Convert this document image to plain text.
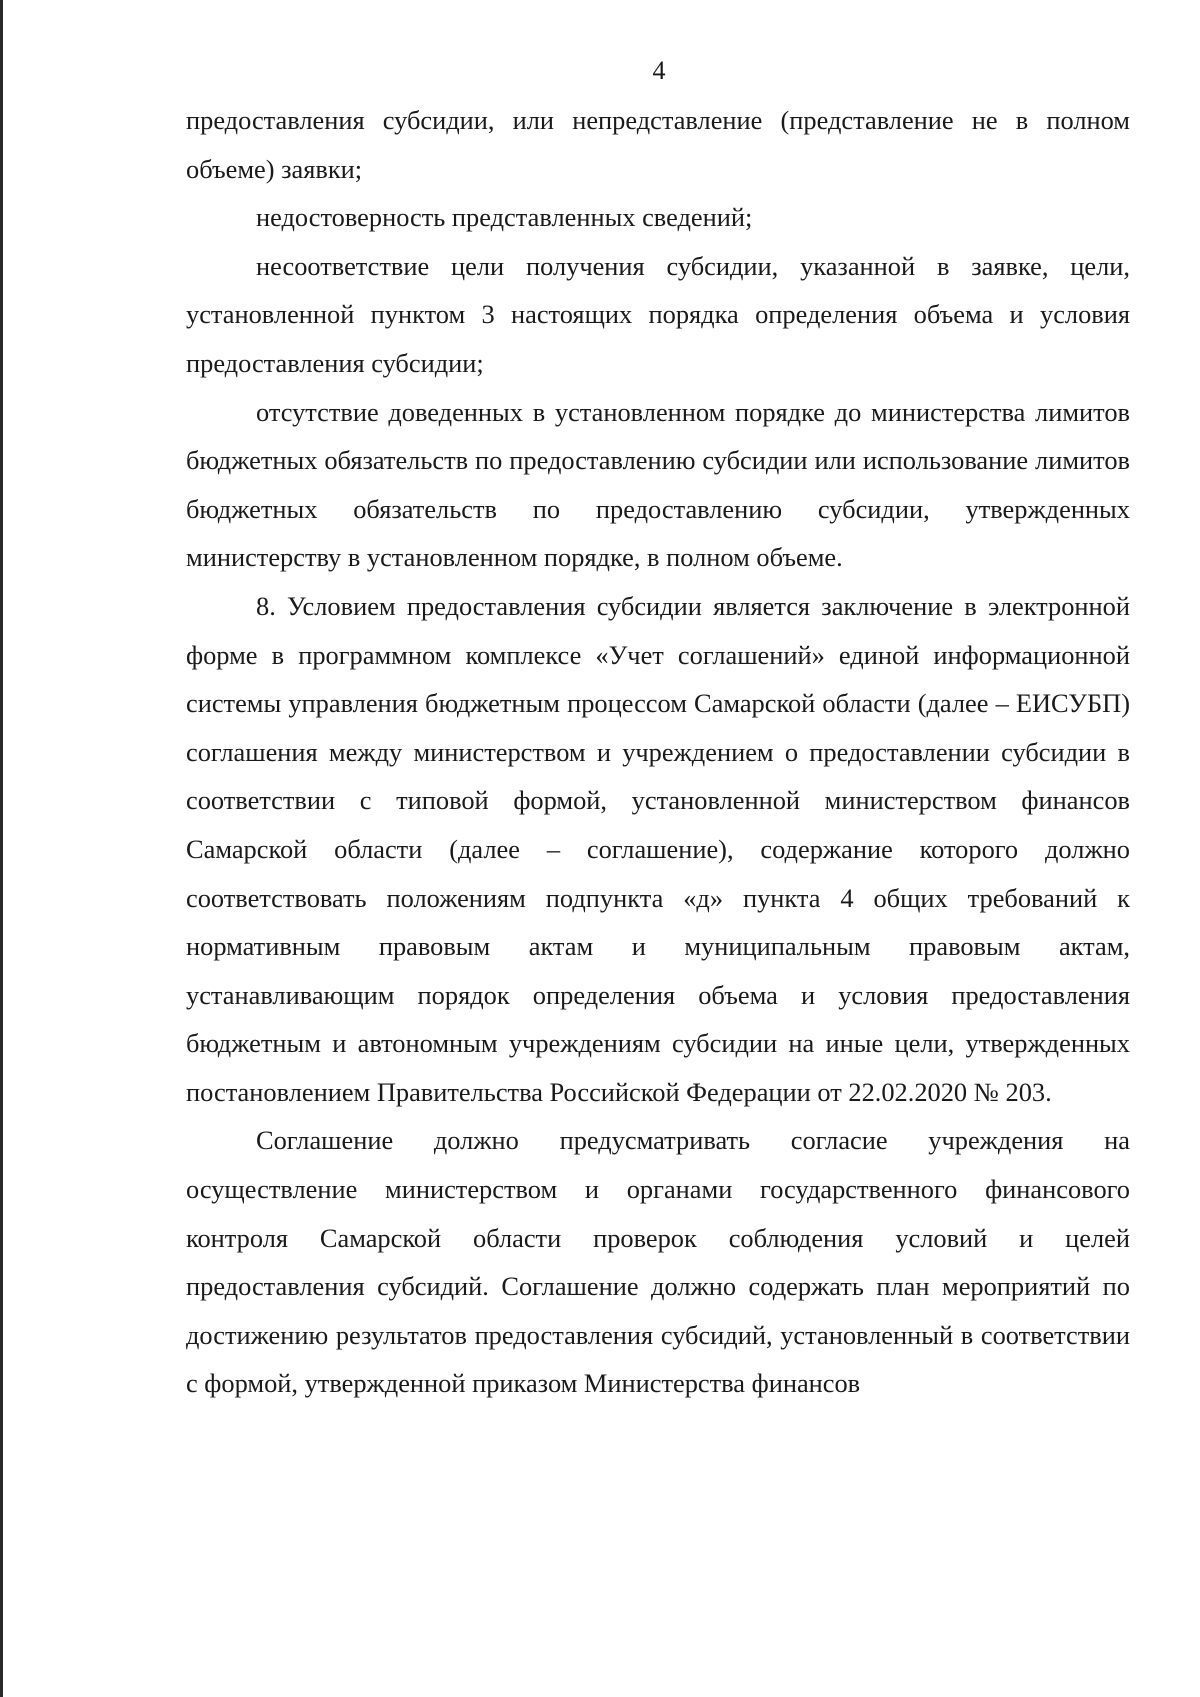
4

предоставления субсидии, или непредставление (представление не в полном объеме) заявки;

недостоверность представленных сведений;

несоответствие цели получения субсидии, указанной в заявке, цели, установленной пунктом 3 настоящих порядка определения объема и условия предоставления субсидии;

отсутствие доведенных в установленном порядке до министерства лимитов бюджетных обязательств по предоставлению субсидии или использование лимитов бюджетных обязательств по предоставлению субсидии, утвержденных министерству в установленном порядке, в полном объеме.

8. Условием предоставления субсидии является заключение в электронной форме в программном комплексе «Учет соглашений» единой информационной системы управления бюджетным процессом Самарской области (далее – ЕИСУБП) соглашения между министерством и учреждением о предоставлении субсидии в соответствии с типовой формой, установленной министерством финансов Самарской области (далее – соглашение), содержание которого должно соответствовать положениям подпункта «д» пункта 4 общих требований к нормативным правовым актам и муниципальным правовым актам, устанавливающим порядок определения объема и условия предоставления бюджетным и автономным учреждениям субсидии на иные цели, утвержденных постановлением Правительства Российской Федерации от 22.02.2020 № 203.

Соглашение должно предусматривать согласие учреждения на осуществление министерством и органами государственного финансового контроля Самарской области проверок соблюдения условий и целей предоставления субсидий. Соглашение должно содержать план мероприятий по достижению результатов предоставления субсидий, установленный в соответствии с формой, утвержденной приказом Министерства финансов
